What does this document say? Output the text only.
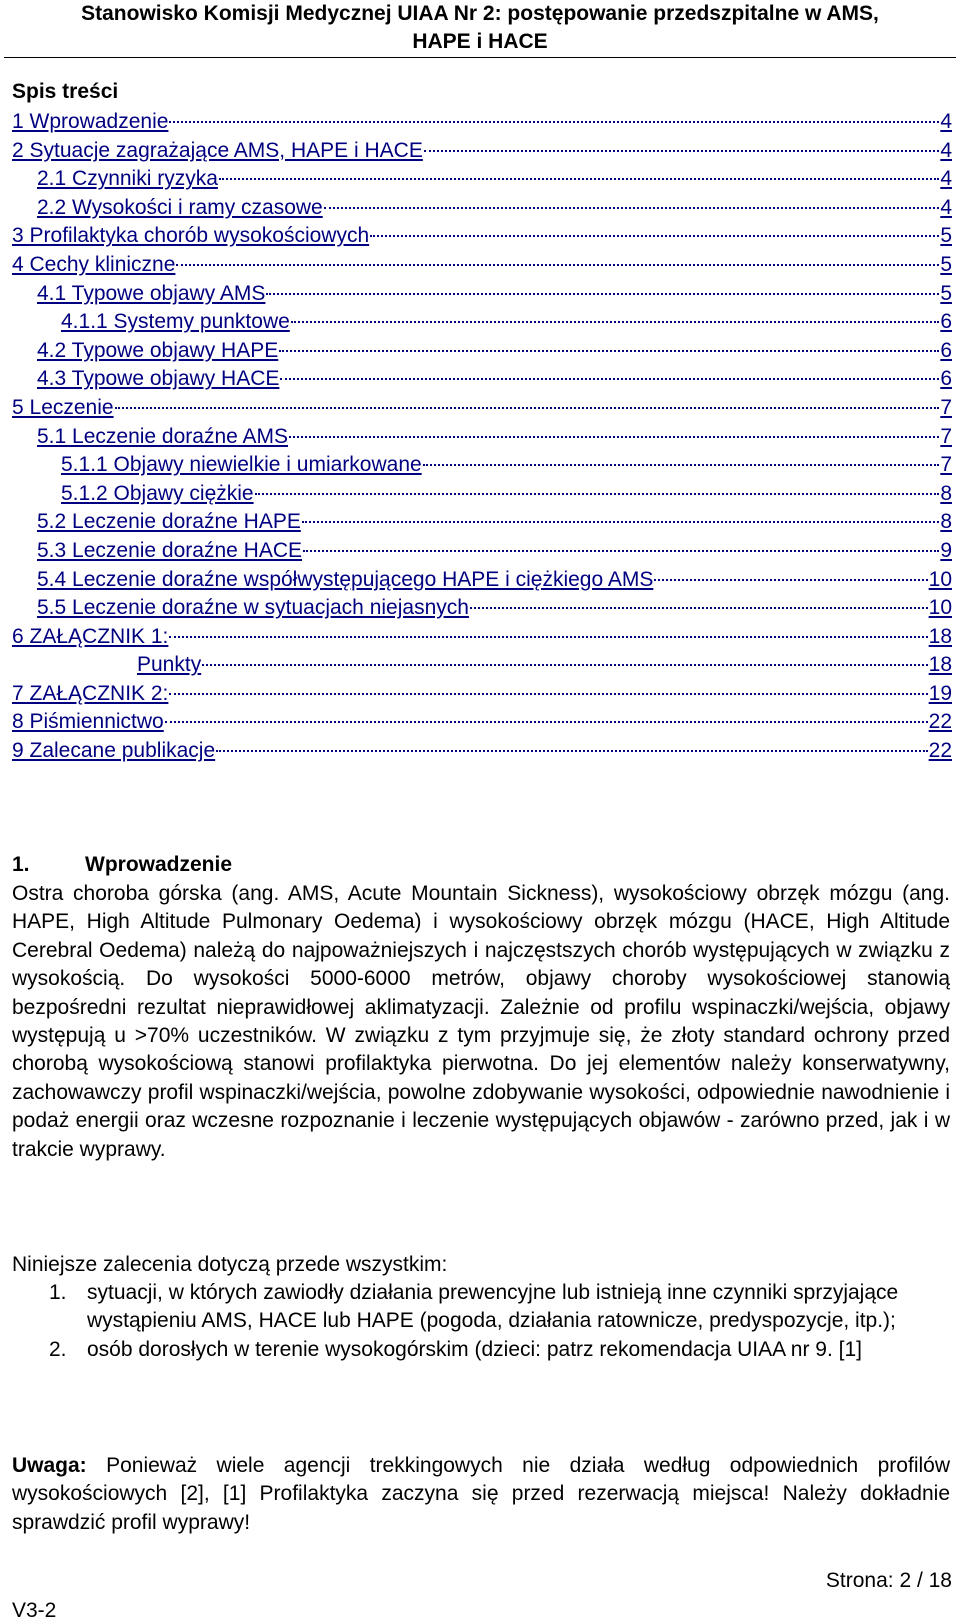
Stanowisko Komisji Medycznej UIAA Nr 2: postępowanie przedszpitalne w AMS,
HAPE i HACE
Spis treści
1 Wprowadzenie	4
2 Sytuacje zagrażające AMS, HAPE i HACE	4
2.1 Czynniki ryzyka	4
2.2 Wysokości i ramy czasowe	4
3 Profilaktyka chorób wysokościowych	5
4 Cechy kliniczne	5
4.1 Typowe objawy AMS	5
4.1.1 Systemy punktowe	6
4.2 Typowe objawy HAPE	6
4.3 Typowe objawy HACE	6
5 Leczenie	7
5.1 Leczenie doraźne AMS	7
5.1.1 Objawy niewielkie i umiarkowane	7
5.1.2 Objawy ciężkie	8
5.2 Leczenie doraźne HAPE	8
5.3 Leczenie doraźne HACE	9
5.4 Leczenie doraźne współwystępującego HAPE i ciężkiego AMS	10
5.5 Leczenie doraźne w sytuacjach niejasnych	10
6 ZAŁĄCZNIK 1:	18
Punkty	18
7 ZAŁĄCZNIK 2:	19
8 Piśmiennictwo	22
9 Zalecane publikacje	22
1.	Wprowadzenie

Ostra choroba górska (ang. AMS, Acute Mountain Sickness), wysokościowy obrzęk mózgu (ang. HAPE, High Altitude Pulmonary Oedema) i wysokościowy obrzęk mózgu (HACE, High Altitude Cerebral Oedema) należą do najpoważniejszych i najczęstszych chorób występujących w związku z wysokością. Do wysokości 5000-6000 metrów, objawy choroby wysokościowej stanowią bezpośredni rezultat nieprawidłowej aklimatyzacji. Zależnie od profilu wspinaczki/wejścia, objawy występują u >70% uczestników. W związku z tym przyjmuje się, że złoty standard ochrony przed chorobą wysokościową stanowi profilaktyka pierwotna. Do jej elementów należy konserwatywny, zachowawczy profil wspinaczki/wejścia, powolne zdobywanie wysokości, odpowiednie nawodnienie i podaż energii oraz wczesne rozpoznanie i leczenie występujących objawów - zarówno przed, jak i w trakcie wyprawy.

Niniejsze zalecenia dotyczą przede wszystkim:

1. sytuacji, w których zawiodły działania prewencyjne lub istnieją inne czynniki sprzyjające wystąpieniu AMS, HACE lub HAPE (pogoda, działania ratownicze, predyspozycje, itp.);
2. osób dorosłych w terenie wysokogórskim (dzieci: patrz rekomendacja UIAA nr 9. [1]

Uwaga: Ponieważ wiele agencji trekkingowych nie działa według odpowiednich profilów wysokościowych [2], [1] Profilaktyka zaczyna się przed rezerwacją miejsca! Należy dokładnie sprawdzić profil wyprawy!

Strona: 2 / 18
V3-2
